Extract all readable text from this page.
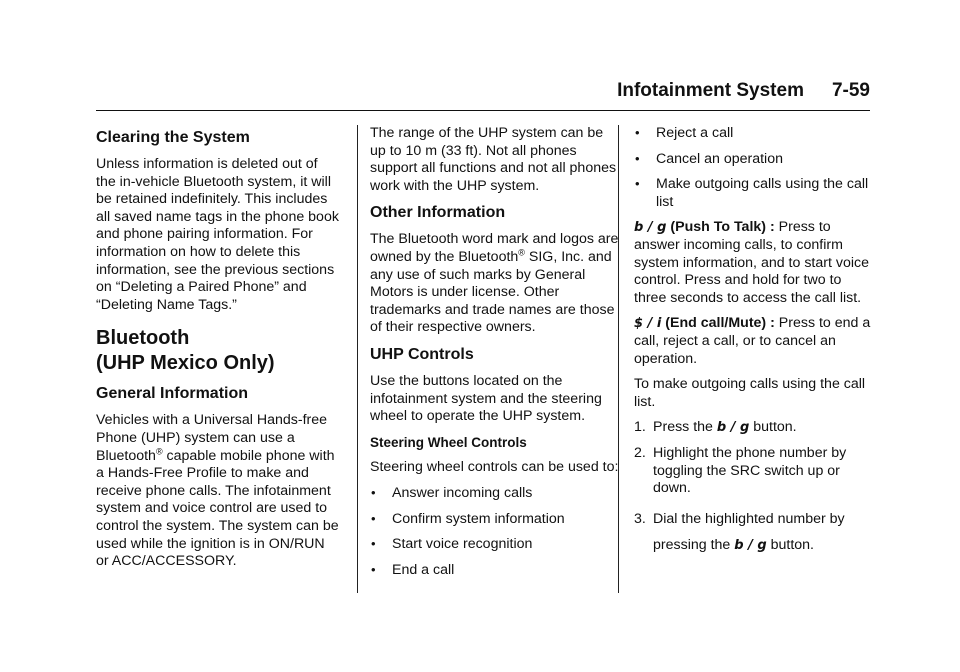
Infotainment System 7-59
Clearing the System

Unless information is deleted out of the in-vehicle Bluetooth system, it will be retained indefinitely. This includes all saved name tags in the phone book and phone pairing information. For information on how to delete this information, see the previous sections on “Deleting a Paired Phone” and “Deleting Name Tags.”

Bluetooth
(UHP Mexico Only)
General Information

Vehicles with a Universal Hands-free Phone (UHP) system can use a Bluetooth® capable mobile phone with a Hands-Free Profile to make and receive phone calls. The infotainment system and voice control are used to control the system. The system can be used while the ignition is in ON/RUN or ACC/ACCESSORY.

The range of the UHP system can be up to 10 m (33 ft). Not all phones support all functions and not all phones work with the UHP system.

Other Information

The Bluetooth word mark and logos are owned by the Bluetooth® SIG, Inc. and any use of such marks by General Motors is under license. Other trademarks and trade names are those of their respective owners.

UHP Controls

Use the buttons located on the infotainment system and the steering wheel to operate the UHP system.

Steering Wheel Controls

Steering wheel controls can be used to:

• Answer incoming calls
• Confirm system information
• Start voice recognition
• End a call
• Reject a call
• Cancel an operation
• Make outgoing calls using the call list

b / g (Push To Talk) : Press to answer incoming calls, to confirm system information, and to start voice control. Press and hold for two to three seconds to access the call list.

$ / i (End call/Mute) : Press to end a call, reject a call, or to cancel an operation.

To make outgoing calls using the call list.

1. Press the b / g button.
2. Highlight the phone number by toggling the SRC switch up or down.
3. Dial the highlighted number by pressing the b / g button.
